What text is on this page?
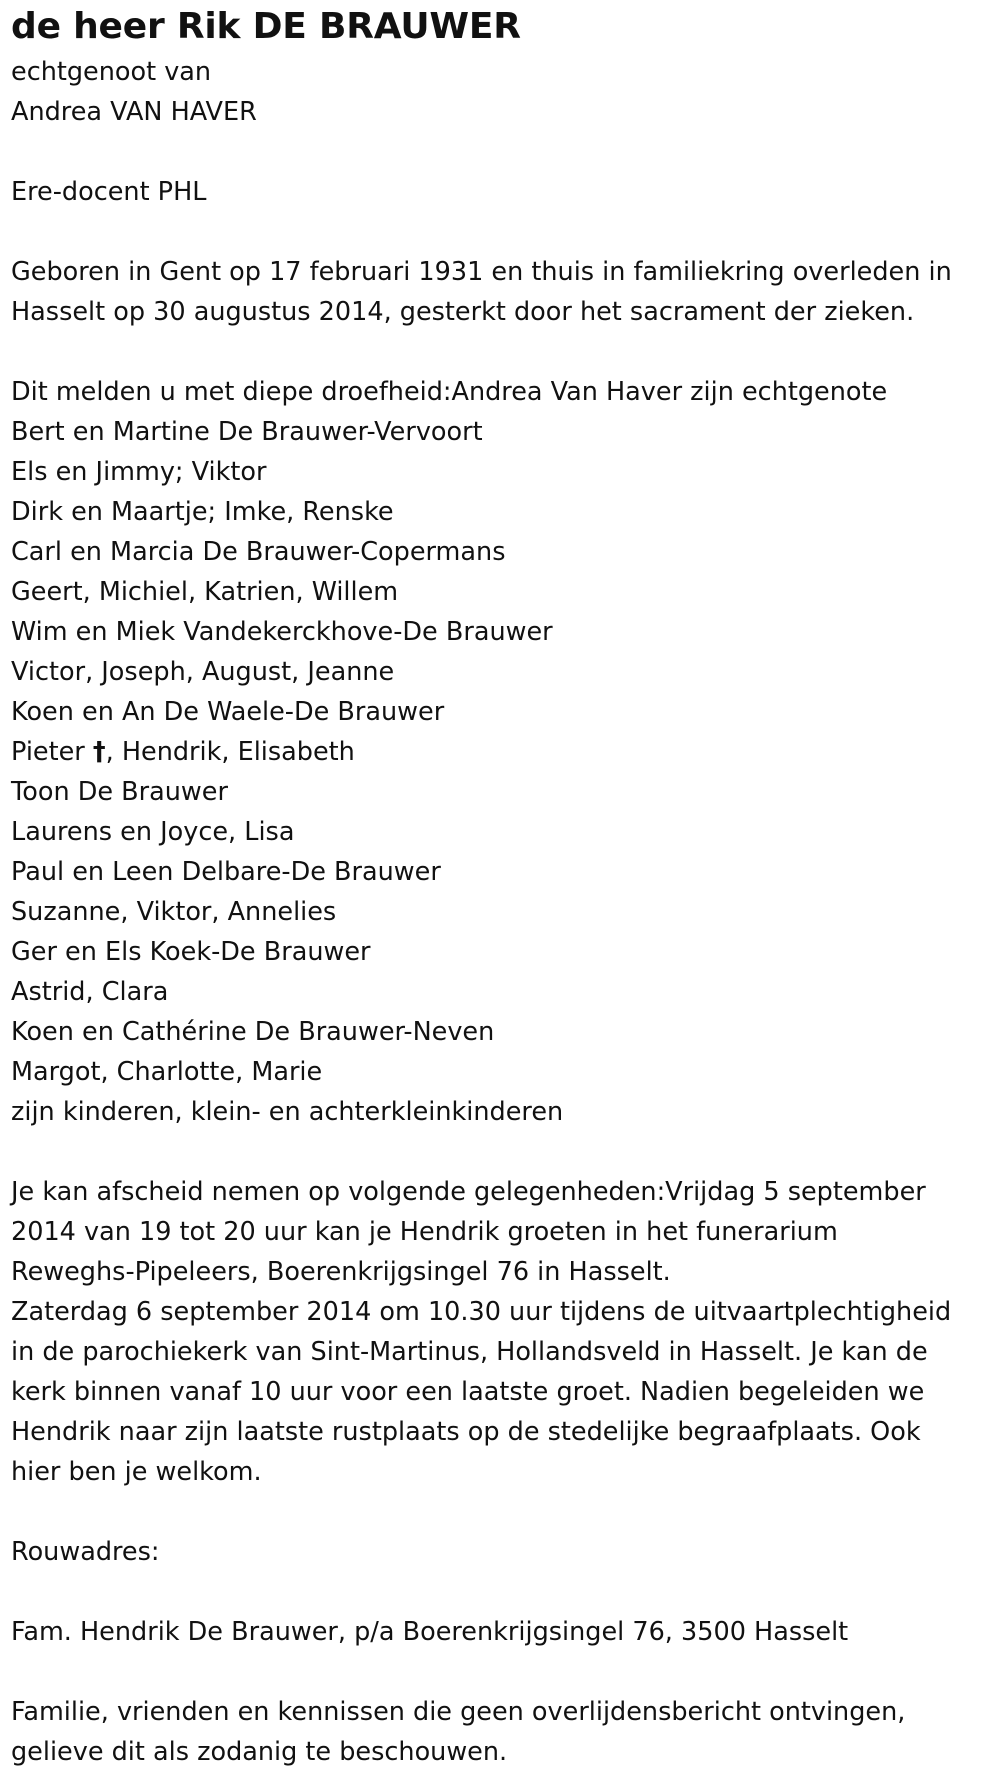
de heer Rik DE BRAUWER

echtgenoot van

Andrea VAN HAVER

Ere-docent PHL

Geboren in Gent op 17 februari 1931 en thuis in familiekring overleden in

Hasselt op 30 augustus 2014, gesterkt door het sacrament der zieken.

Dit melden u met diepe droefheid:Andrea Van Haver zijn echtgenote

Bert en Martine De Brauwer-Vervoort

Els en Jimmy; Viktor

Dirk en Maartje; Imke, Renske

Carl en Marcia De Brauwer-Copermans

Geert, Michiel, Katrien, Willem

Wim en Miek Vandekerckhove-De Brauwer

Victor, Joseph, August, Jeanne

Koen en An De Waele-De Brauwer

Pieter †, Hendrik, Elisabeth

Toon De Brauwer

Laurens en Joyce, Lisa

Paul en Leen Delbare-De Brauwer

Suzanne, Viktor, Annelies

Ger en Els Koek-De Brauwer

Astrid, Clara

Koen en Cathérine De Brauwer-Neven

Margot, Charlotte, Marie

zijn kinderen, klein- en achterkleinkinderen

Je kan afscheid nemen op volgende gelegenheden:Vrijdag 5 september

2014 van 19 tot 20 uur kan je Hendrik groeten in het funerarium

Reweghs-Pipeleers, Boerenkrijgsingel 76 in Hasselt.

Zaterdag 6 september 2014 om 10.30 uur tijdens de uitvaartplechtigheid

in de parochiekerk van Sint-Martinus, Hollandsveld in Hasselt. Je kan de

kerk binnen vanaf 10 uur voor een laatste groet. Nadien begeleiden we

Hendrik naar zijn laatste rustplaats op de stedelijke begraafplaats. Ook

hier ben je welkom.

Rouwadres:

Fam. Hendrik De Brauwer, p/a Boerenkrijgsingel 76, 3500 Hasselt

Familie, vrienden en kennissen die geen overlijdensbericht ontvingen,

gelieve dit als zodanig te beschouwen.
